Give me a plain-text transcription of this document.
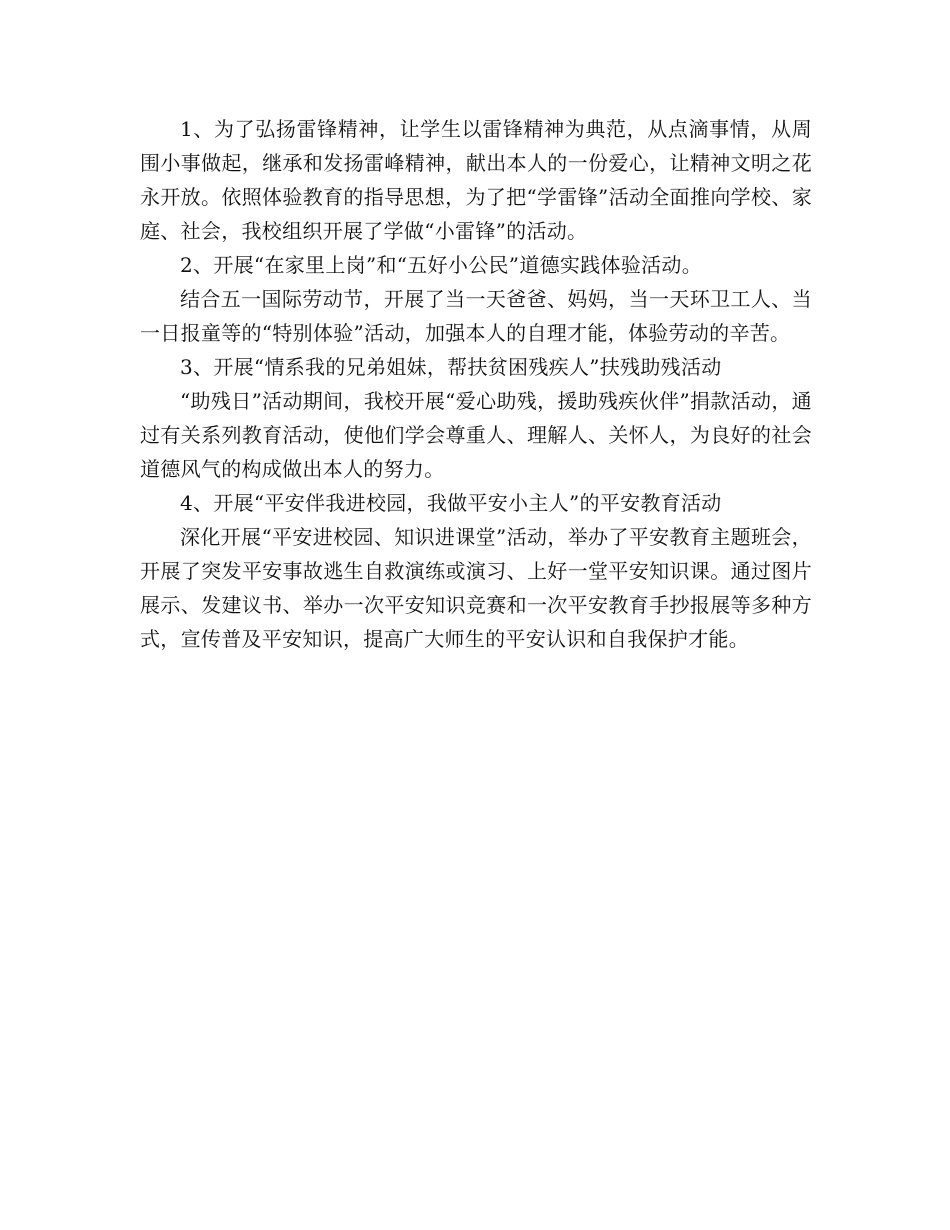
1、为了弘扬雷锋精神，让学生以雷锋精神为典范，从点滴事情，从周围小事做起，继承和发扬雷峰精神，献出本人的一份爱心，让精神文明之花永开放。依照体验教育的指导思想，为了把“学雷锋”活动全面推向学校、家庭、社会，我校组织开展了学做“小雷锋”的活动。

2、开展“在家里上岗”和“五好小公民”道德实践体验活动。

结合五一国际劳动节，开展了当一天爸爸、妈妈，当一天环卫工人、当一日报童等的“特别体验”活动，加强本人的自理才能，体验劳动的辛苦。

3、开展“情系我的兄弟姐妹，帮扶贫困残疾人”扶残助残活动

“助残日”活动期间，我校开展“爱心助残，援助残疾伙伴”捐款活动，通过有关系列教育活动，使他们学会尊重人、理解人、关怀人，为良好的社会道德风气的构成做出本人的努力。

4、开展“平安伴我进校园，我做平安小主人”的平安教育活动

深化开展“平安进校园、知识进课堂”活动，举办了平安教育主题班会，开展了突发平安事故逃生自救演练或演习、上好一堂平安知识课。通过图片展示、发建议书、举办一次平安知识竞赛和一次平安教育手抄报展等多种方式，宣传普及平安知识，提高广大师生的平安认识和自我保护才能。
